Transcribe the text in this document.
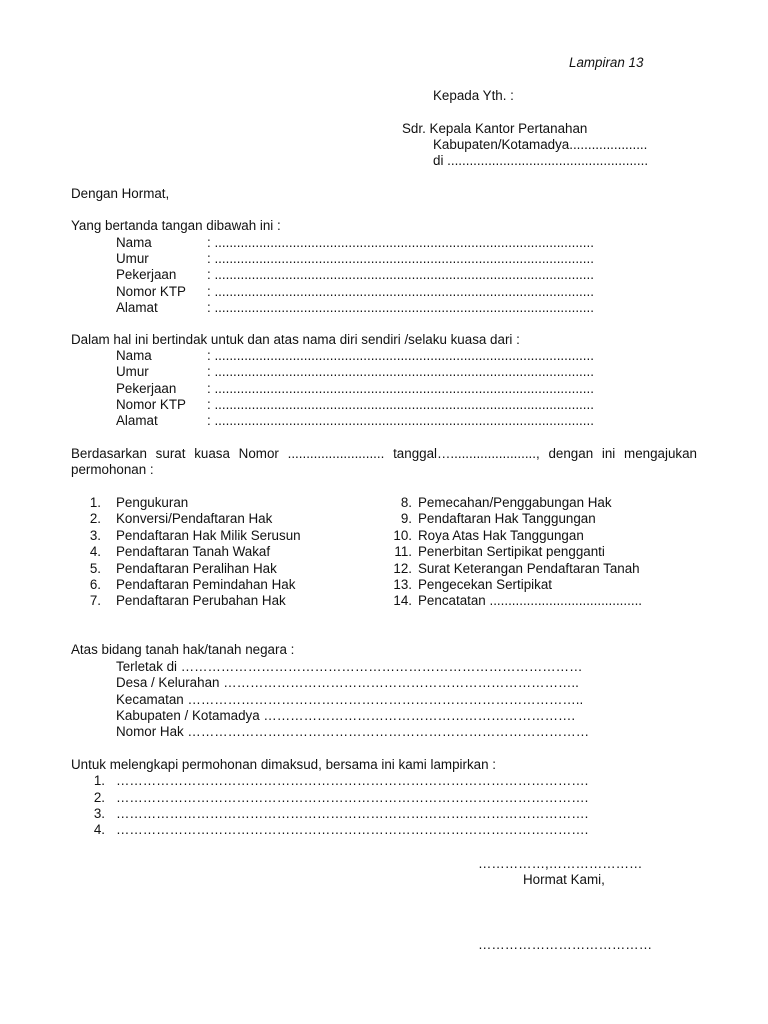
Lampiran 13
Kepada Yth. :
Sdr. Kepala Kantor Pertanahan
Kabupaten/Kotamadya.....................
di ......................................................
Dengan Hormat,
Yang bertanda tangan dibawah ini :
Nama	: ......................................................................................................
Umur	: ......................................................................................................
Pekerjaan : ......................................................................................................
Nomor KTP : ......................................................................................................
Alamat	: ......................................................................................................
Dalam hal ini bertindak untuk dan atas nama diri sendiri /selaku kuasa dari :
Nama	: ......................................................................................................
Umur	: ......................................................................................................
Pekerjaan : ......................................................................................................
Nomor KTP : ......................................................................................................
Alamat	: ......................................................................................................
Berdasarkan surat kuasa Nomor .......................... tanggal…......................., dengan ini mengajukan
permohonan :
1. Pengukuran
2. Konversi/Pendaftaran Hak
3. Pendaftaran Hak Milik Serusun
4. Pendaftaran Tanah Wakaf
5. Pendaftaran Peralihan Hak
6. Pendaftaran Pemindahan Hak
7. Pendaftaran Perubahan Hak
8. Pemecahan/Penggabungan Hak
9. Pendaftaran Hak Tanggungan
10. Roya Atas Hak Tanggungan
11. Penerbitan Sertipikat pengganti
12. Surat Keterangan Pendaftaran Tanah
13. Pengecekan Sertipikat
14. Pencatatan .........................................
Atas bidang tanah hak/tanah negara :
Terletak di ………………………………………………………………………………
Desa / Kelurahan ……………………………………………………………………..
Kecamatan ……………………………………………………………………………..
Kabupaten / Kotamadya …………………………………………………………….
Nomor Hak ………………………………………………………………………………
Untuk melengkapi permohonan dimaksud, bersama ini kami lampirkan :
1. …………………………………………………………………………………………….
2. …………………………………………………………………………………………….
3. …………………………………………………………………………………………….
4. …………………………………………………………………………………………….
……………,…………………
Hormat Kami,
…………………………………
